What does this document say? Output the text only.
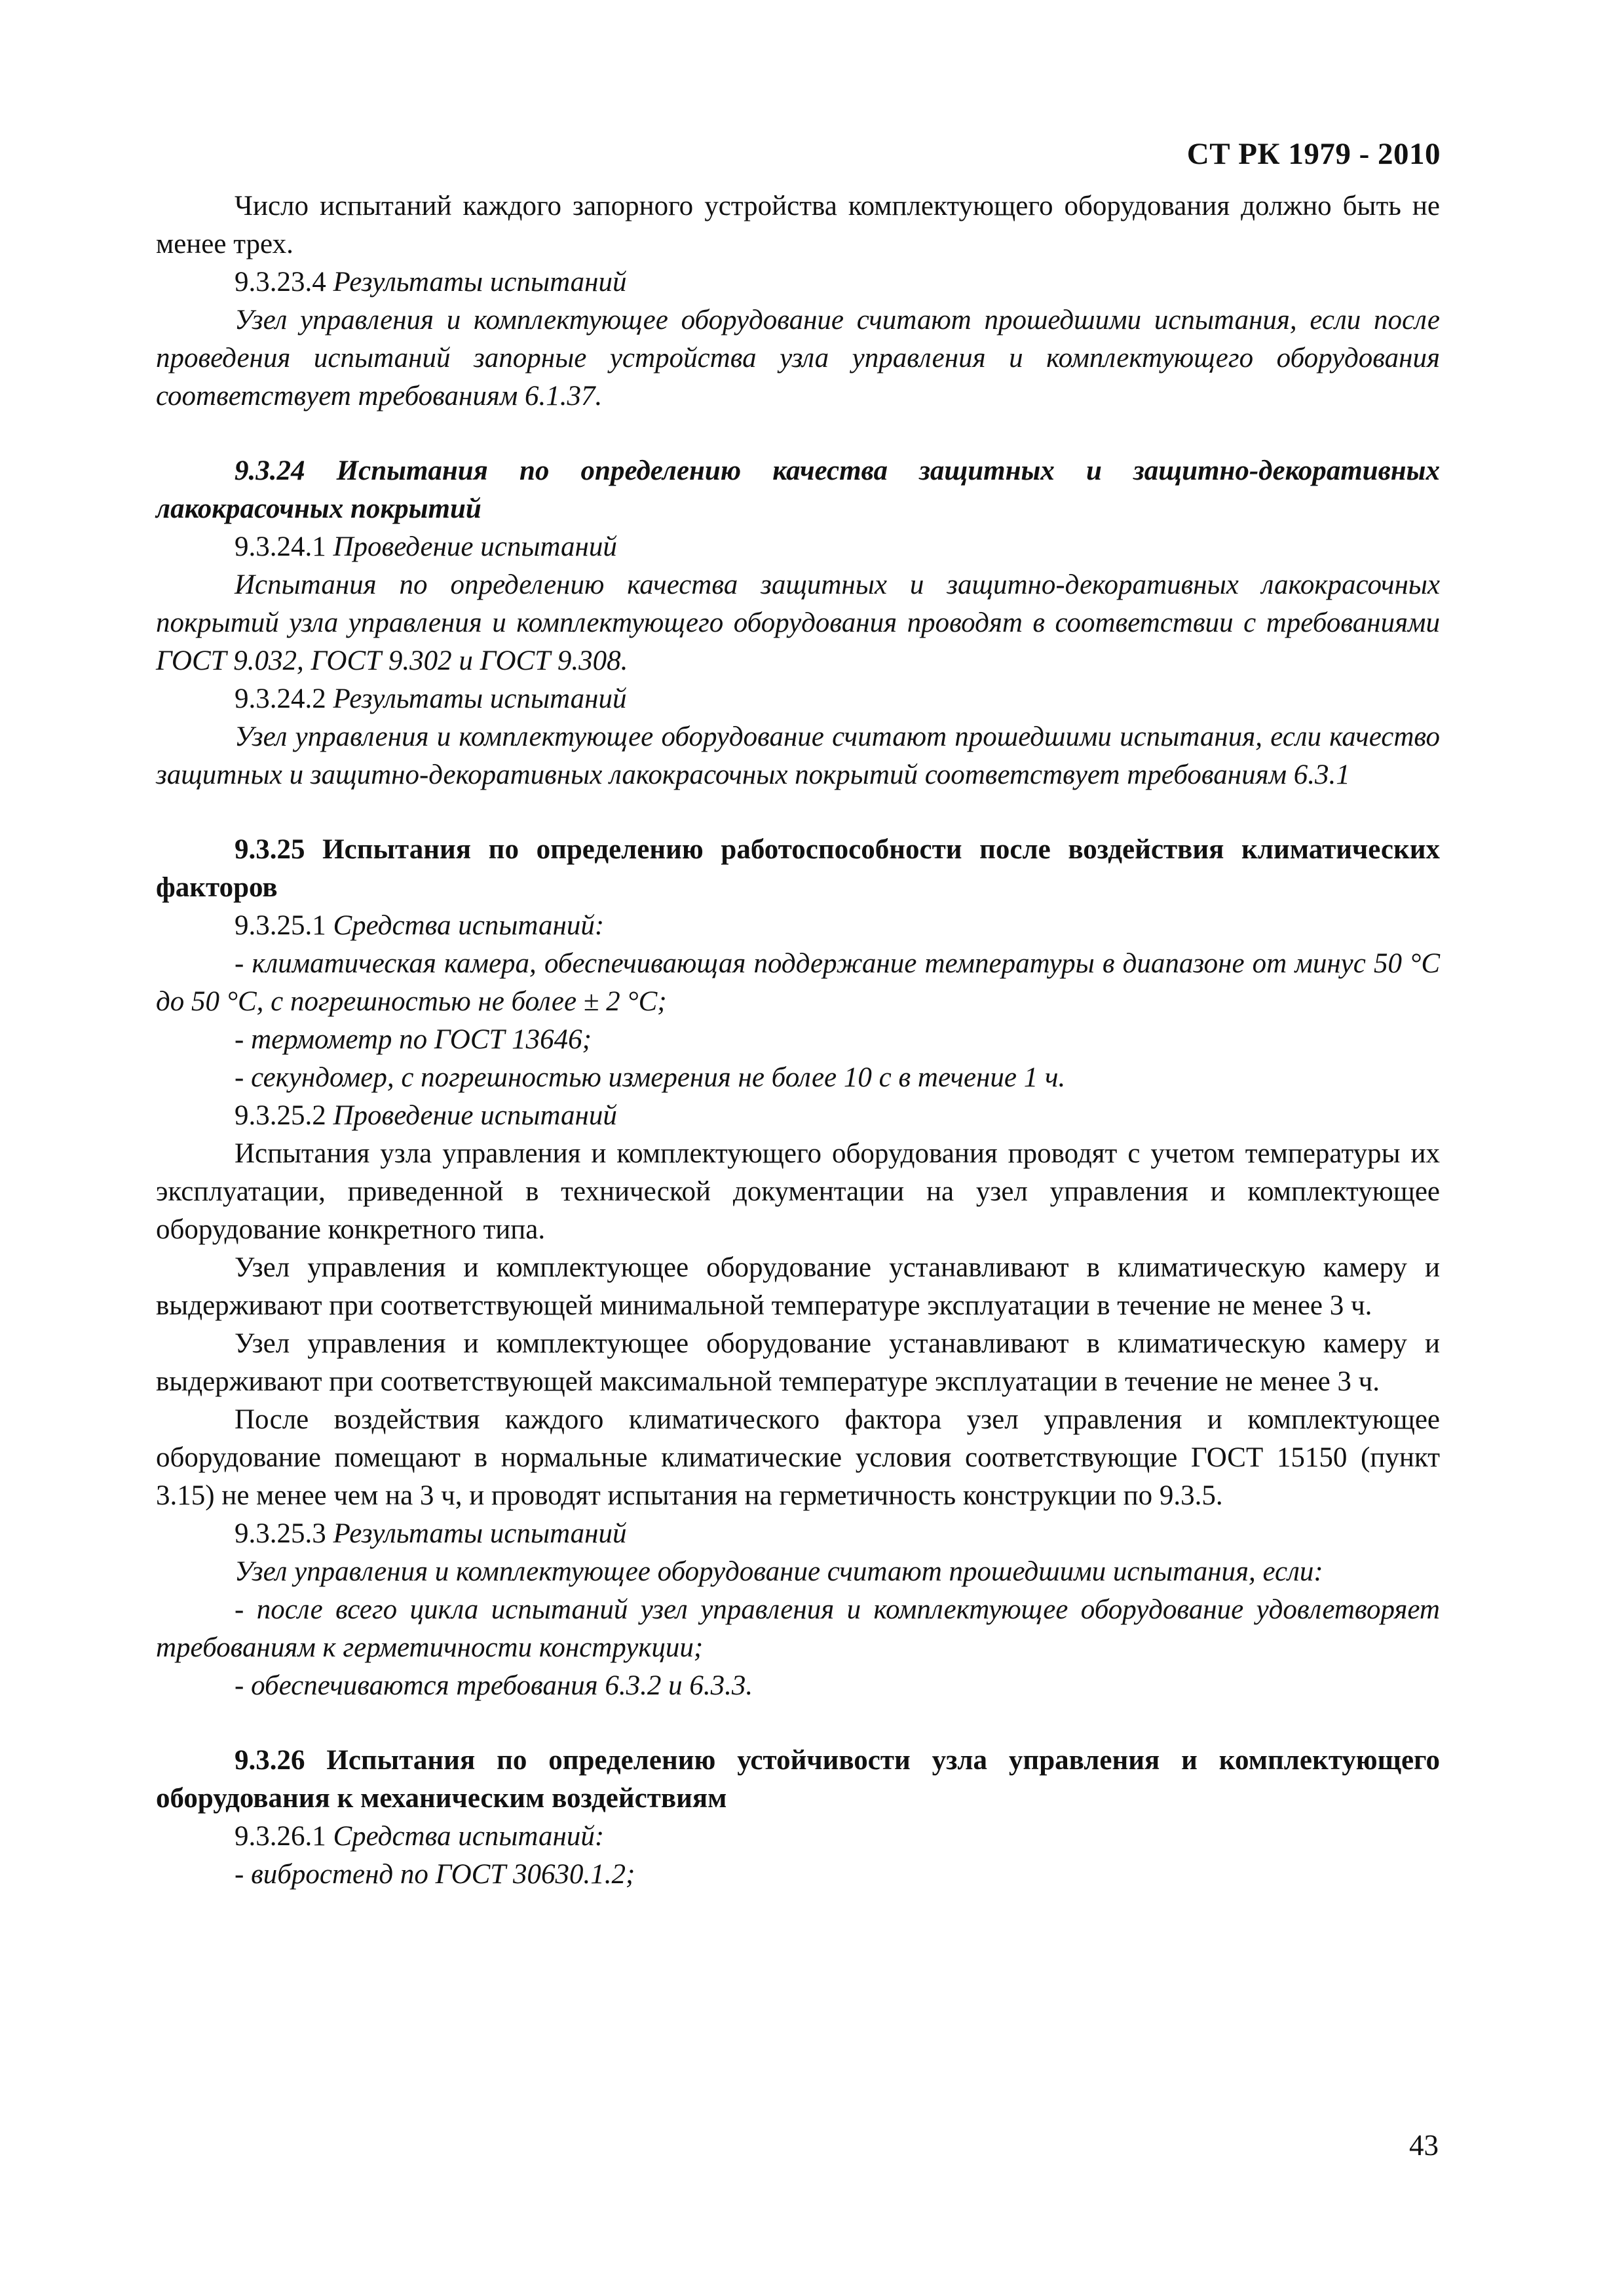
СТ РК 1979 - 2010

Число испытаний каждого запорного устройства комплектующего оборудования должно быть не менее трех.

9.3.23.4 Результаты испытаний

Узел управления и комплектующее оборудование считают прошедшими испытания, если после проведения испытаний запорные устройства узла управления и комплектующего оборудования соответствует требованиям 6.1.37.

9.3.24 Испытания по определению качества защитных и защитно-декоративных лакокрасочных покрытий

9.3.24.1 Проведение испытаний

Испытания по определению качества защитных и защитно-декоративных лакокрасочных покрытий узла управления и комплектующего оборудования проводят в соответствии с требованиями ГОСТ 9.032, ГОСТ 9.302 и ГОСТ 9.308.

9.3.24.2 Результаты испытаний

Узел управления и комплектующее оборудование считают прошедшими испытания, если качество защитных и защитно-декоративных лакокрасочных покрытий соответствует требованиям 6.3.1

9.3.25 Испытания по определению работоспособности после воздействия климатических факторов

9.3.25.1 Средства испытаний:

- климатическая камера, обеспечивающая поддержание температуры в диапазоне от минус 50 °С до 50 °С, с погрешностью не более ± 2 °С;

- термометр по ГОСТ 13646;

- секундомер, с погрешностью измерения не более 10 с в течение 1 ч.

9.3.25.2 Проведение испытаний

Испытания узла управления и комплектующего оборудования проводят с учетом температуры их эксплуатации, приведенной в технической документации на узел управления и комплектующее оборудование конкретного типа.

Узел управления и комплектующее оборудование устанавливают в климатическую камеру и выдерживают при соответствующей минимальной температуре эксплуатации в течение не менее 3 ч.

Узел управления и комплектующее оборудование устанавливают в климатическую камеру и выдерживают при соответствующей максимальной температуре эксплуатации в течение не менее 3 ч.

После воздействия каждого климатического фактора узел управления и комплектующее оборудование помещают в нормальные климатические условия соответствующие ГОСТ 15150 (пункт 3.15) не менее чем на 3 ч, и проводят испытания на герметичность конструкции по 9.3.5.

9.3.25.3 Результаты испытаний

Узел управления и комплектующее оборудование считают прошедшими испытания, если:

- после всего цикла испытаний узел управления и комплектующее оборудование удовлетворяет требованиям к герметичности конструкции;

- обеспечиваются требования 6.3.2 и 6.3.3.

9.3.26 Испытания по определению устойчивости узла управления и комплектующего оборудования к механическим воздействиям

9.3.26.1 Средства испытаний:

- вибростенд по ГОСТ 30630.1.2;

43
